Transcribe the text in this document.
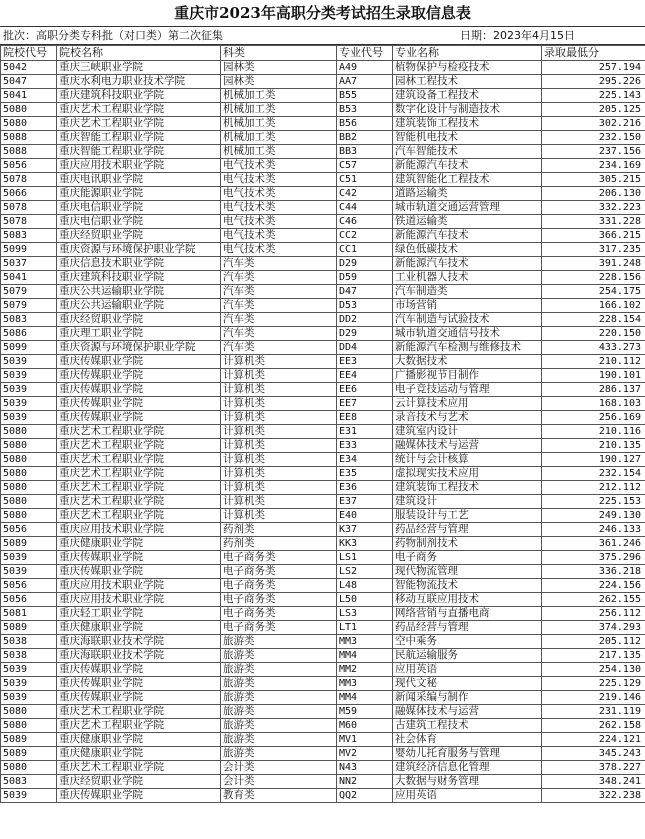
重庆市2023年高职分类考试招生录取信息表
批次：高职分类专科批（对口类）第二次征集	日期：2023年4月15日
院校代号	院校名称	科类	专业代号	专业名称	录取最低分
5042	重庆三峡职业学院	园林类	A49	植物保护与检疫技术	257.194
5047	重庆水利电力职业技术学院	园林类	AA7	园林工程技术	295.226
5041	重庆建筑科技职业学院	机械加工类	B55	建筑设备工程技术	225.143
5080	重庆艺术工程职业学院	机械加工类	B53	数字化设计与制造技术	205.125
5080	重庆艺术工程职业学院	机械加工类	B56	建筑装饰工程技术	302.216
5088	重庆智能工程职业学院	机械加工类	BB2	智能机电技术	232.150
5088	重庆智能工程职业学院	机械加工类	BB3	汽车智能技术	237.156
5056	重庆应用技术职业学院	电气技术类	C57	新能源汽车技术	234.169
5078	重庆电讯职业学院	电气技术类	C51	建筑智能化工程技术	305.215
5066	重庆能源职业学院	电气技术类	C42	道路运输类	206.130
5078	重庆电信职业学院	电气技术类	C44	城市轨道交通运营管理	332.223
5078	重庆电信职业学院	电气技术类	C46	铁道运输类	331.228
5083	重庆经贸职业学院	电气技术类	CC2	新能源汽车技术	366.215
5099	重庆资源与环境保护职业学院	电气技术类	CC1	绿色低碳技术	317.235
5037	重庆信息技术职业学院	汽车类	D29	新能源汽车技术	391.248
5041	重庆建筑科技职业学院	汽车类	D59	工业机器人技术	228.156
5079	重庆公共运输职业学院	汽车类	D47	汽车制造类	254.175
5079	重庆公共运输职业学院	汽车类	D53	市场营销	166.102
5083	重庆经贸职业学院	汽车类	DD2	汽车制造与试验技术	228.154
5086	重庆理工职业学院	汽车类	D29	城市轨道交通信号技术	220.150
5099	重庆资源与环境保护职业学院	汽车类	DD4	新能源汽车检测与维修技术	433.273
5039	重庆传媒职业学院	计算机类	EE3	大数据技术	210.112
5039	重庆传媒职业学院	计算机类	EE4	广播影视节目制作	190.101
5039	重庆传媒职业学院	计算机类	EE6	电子竞技运动与管理	286.137
5039	重庆传媒职业学院	计算机类	EE7	云计算技术应用	168.103
5039	重庆传媒职业学院	计算机类	EE8	录音技术与艺术	256.169
5080	重庆艺术工程职业学院	计算机类	E31	建筑室内设计	210.116
5080	重庆艺术工程职业学院	计算机类	E33	融媒体技术与运营	210.135
5080	重庆艺术工程职业学院	计算机类	E34	统计与会计核算	190.127
5080	重庆艺术工程职业学院	计算机类	E35	虚拟现实技术应用	232.154
5080	重庆艺术工程职业学院	计算机类	E36	建筑装饰工程技术	212.112
5080	重庆艺术工程职业学院	计算机类	E37	建筑设计	225.153
5080	重庆艺术工程职业学院	计算机类	E40	服装设计与工艺	249.130
5056	重庆应用技术职业学院	药剂类	K37	药品经营与管理	246.133
5089	重庆健康职业学院	药剂类	KK3	药物制剂技术	361.246
5039	重庆传媒职业学院	电子商务类	LS1	电子商务	375.296
5039	重庆传媒职业学院	电子商务类	LS2	现代物流管理	336.218
5056	重庆应用技术职业学院	电子商务类	L48	智能物流技术	224.156
5056	重庆应用技术职业学院	电子商务类	L50	移动互联应用技术	262.155
5081	重庆轻工职业学院	电子商务类	LS3	网络营销与直播电商	256.112
5089	重庆健康职业学院	电子商务类	LT1	药品经营与管理	374.293
5038	重庆海联职业技术学院	旅游类	MM3	空中乘务	205.112
5038	重庆海联职业技术学院	旅游类	MM4	民航运输服务	217.135
5039	重庆传媒职业学院	旅游类	MM2	应用英语	254.130
5039	重庆传媒职业学院	旅游类	MM3	现代文秘	225.129
5039	重庆传媒职业学院	旅游类	MM4	新闻采编与制作	219.146
5080	重庆艺术工程职业学院	旅游类	M59	融媒体技术与运营	231.119
5080	重庆艺术工程职业学院	旅游类	M60	古建筑工程技术	262.158
5089	重庆健康职业学院	旅游类	MV1	社会体育	224.121
5089	重庆健康职业学院	旅游类	MV2	婴幼儿托育服务与管理	345.243
5080	重庆艺术工程职业学院	会计类	N43	建筑经济信息化管理	378.227
5083	重庆经贸职业学院	会计类	NN2	大数据与财务管理	348.241
5039	重庆传媒职业学院	教育类	QQ2	应用英语	322.238
